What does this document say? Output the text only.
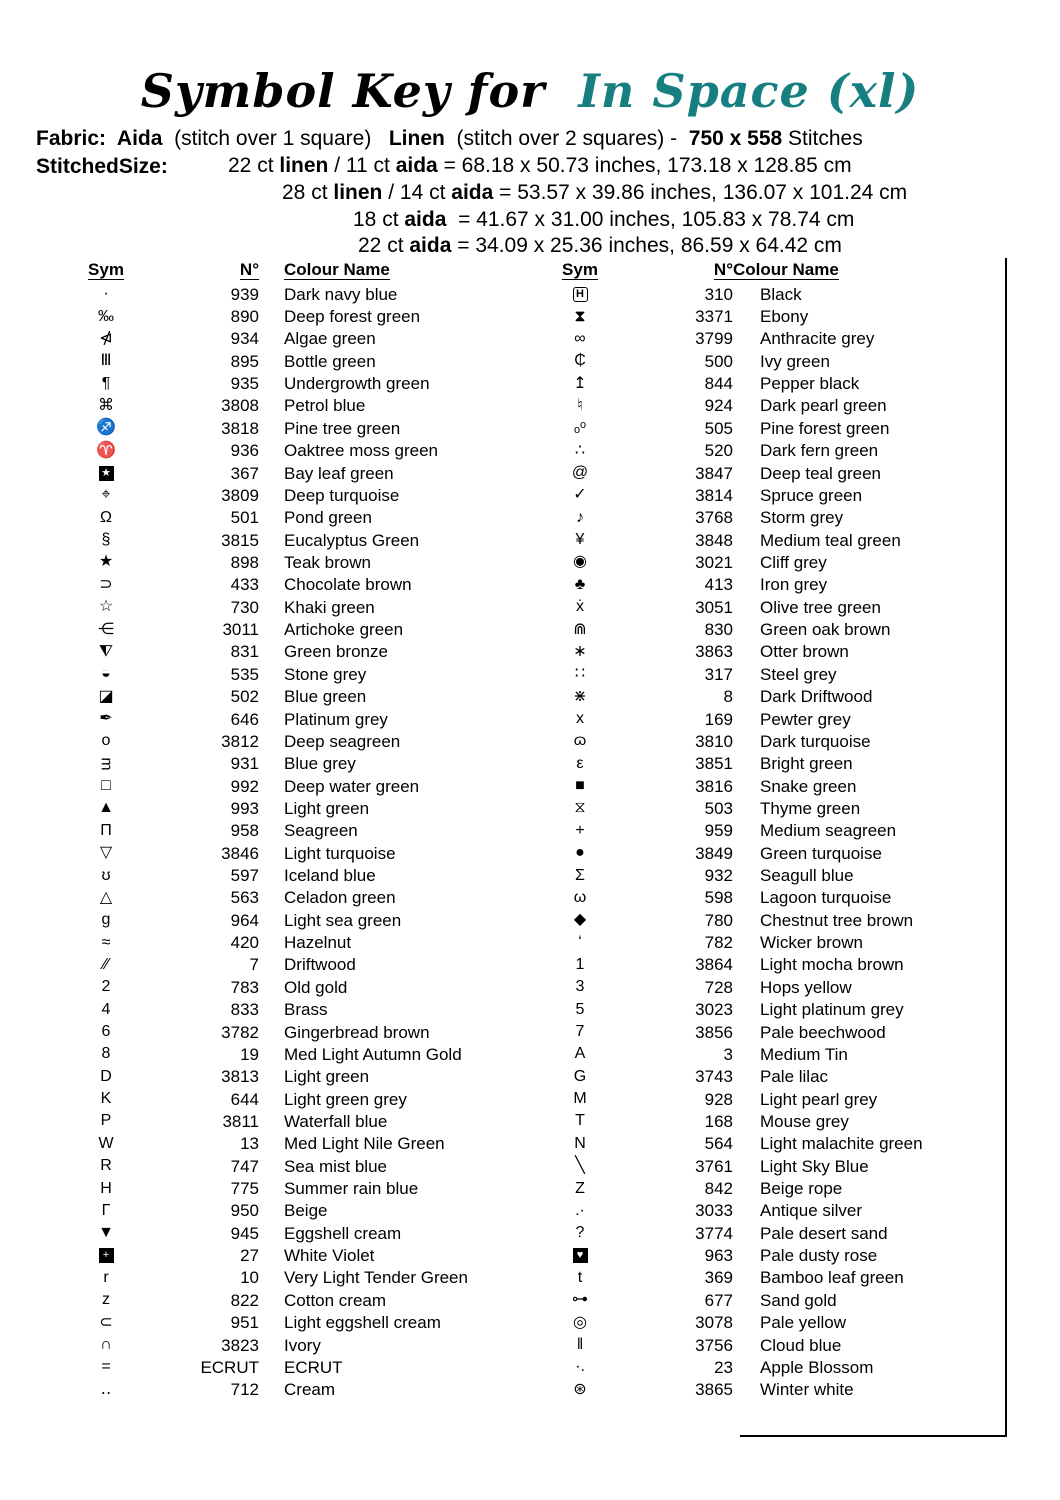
Symbol Key for In Space (xl)
Fabric:  Aida  (stitch over 1 square)   Linen  (stitch over 2 squares) -  750 x 558 Stitches
StitchedSize:	22 ct linen / 11 ct aida = 68.18 x 50.73 inches, 173.18 x 128.85 cm
28 ct linen / 14 ct aida = 53.57 x 39.86 inches, 136.07 x 101.24 cm
18 ct aida  = 41.67 x 31.00 inches, 105.83 x 78.74 cm
22 ct aida = 34.09 x 25.36 inches, 86.59 x 64.42 cm
Sym	N° Colour Name
·	939	Dark navy blue
‰	890	Deep forest green
⋪	934	Algae green
Ⅲ	895	Bottle green
¶	935	Undergrowth green
⌘	3808	Petrol blue
♐	3818	Pine tree green
♈	936	Oaktree moss green
★	367	Bay leaf green
⌖	3809	Deep turquoise
Ω	501	Pond green
§	3815	Eucalyptus Green
★	898	Teak brown
⊃	433	Chocolate brown
☆	730	Khaki green
⋲	3011	Artichoke green
⧨	831	Green bronze
◒	535	Stone grey
◪	502	Blue green
✒	646	Platinum grey
o	3812	Deep seagreen
ᴟ	931	Blue grey
□	992	Deep water green
▲	993	Light green
Π	958	Seagreen
▽	3846	Light turquoise
ʊ	597	Iceland blue
△	563	Celadon green
g	964	Light sea green
≈	420	Hazelnut
∕∕	7	Driftwood
2	783	Old gold
4	833	Brass
6	3782	Gingerbread brown
8	19	Med Light Autumn Gold
D	3813	Light green
K	644	Light green grey
P	3811	Waterfall blue
W	13	Med Light Nile Green
R	747	Sea mist blue
H	775	Summer rain blue
Γ	950	Beige
▼	945	Eggshell cream
+	27	White Violet
r	10	Very Light Tender Green
z	822	Cotton cream
⊂	951	Light eggshell cream
∩	3823	Ivory
=	ECRUT	ECRUT
‥	712	Cream
Sym	N° Colour Name
H	310	Black
⧗	3371	Ebony
∞	3799	Anthracite grey
₵	500	Ivy green
↥	844	Pepper black
♮	924	Dark pearl green
ₒᵒ	505	Pine forest green
∴	520	Dark fern green
@	3847	Deep teal green
✓	3814	Spruce green
♪	3768	Storm grey
¥	3848	Medium teal green
◉	3021	Cliff grey
♣	413	Iron grey
ẋ	3051	Olive tree green
⋒	830	Green oak brown
∗	3863	Otter brown
∷	317	Steel grey
⋇	8	Dark Driftwood
x	169	Pewter grey
ɷ	3810	Dark turquoise
ε	3851	Bright green
■	3816	Snake green
⧖	503	Thyme green
+	959	Medium seagreen
●	3849	Green turquoise
Σ	932	Seagull blue
ω	598	Lagoon turquoise
◆	780	Chestnut tree brown
ʻ	782	Wicker brown
1	3864	Light mocha brown
3	728	Hops yellow
5	3023	Light platinum grey
7	3856	Pale beechwood
A	3	Medium Tin
G	3743	Pale lilac
M	928	Light pearl grey
T	168	Mouse grey
N	564	Light malachite green
╲	3761	Light Sky Blue
Z	842	Beige rope
.·	3033	Antique silver
?	3774	Pale desert sand
♥	963	Pale dusty rose
t	369	Bamboo leaf green
⊶	677	Sand gold
◎	3078	Pale yellow
‖	3756	Cloud blue
·.	23	Apple Blossom
⊛	3865	Winter white
